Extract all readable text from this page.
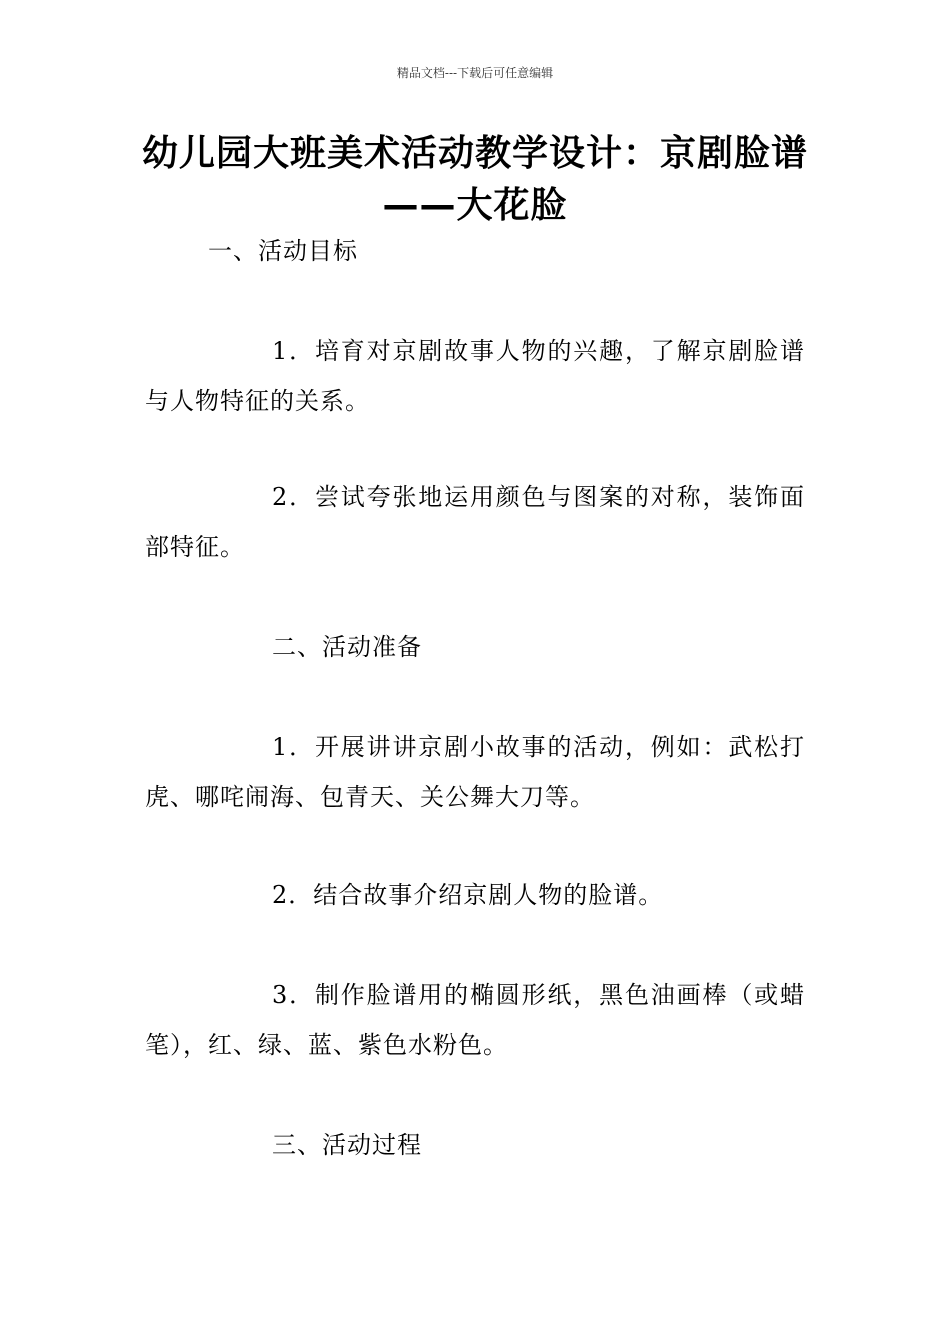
精品文档---下载后可任意编辑
幼儿园大班美术活动教学设计：京剧脸谱——大花脸

一、活动目标

1．培育对京剧故事人物的兴趣，了解京剧脸谱与人物特征的关系。

2．尝试夸张地运用颜色与图案的对称，装饰面部特征。

二、活动准备

1．开展讲讲京剧小故事的活动，例如：武松打虎、哪咤闹海、包青天、关公舞大刀等。

2．结合故事介绍京剧人物的脸谱。

3．制作脸谱用的椭圆形纸，黑色油画棒（或蜡笔），红、绿、蓝、紫色水粉色。

三、活动过程
